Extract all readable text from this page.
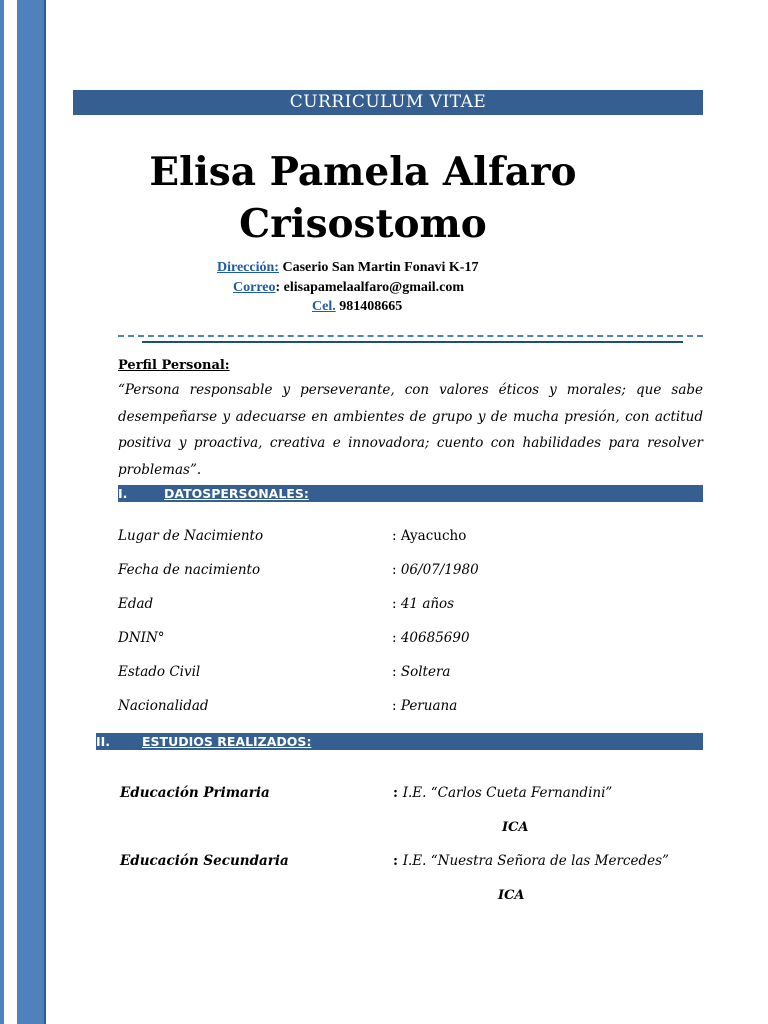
CURRICULUM VITAE
Elisa Pamela Alfaro
Crisostomo
Dirección: Caserio San Martin Fonavi K-17
Correo: elisapamelaalfaro@gmail.com
Cel. 981408665
Perfil Personal:
“Persona responsable y perseverante, con valores éticos y morales; que sabe desempeñarse y adecuarse en ambientes de grupo y de mucha presión, con actitud positiva y proactiva, creativa e innovadora; cuento con habilidades para resolver problemas”.
I.	DATOSPERSONALES:
Lugar de Nacimiento	: Ayacucho
Fecha de nacimiento	: 06/07/1980
Edad	: 41 años
DNIN°	: 40685690
Estado Civil	: Soltera
Nacionalidad	: Peruana
II.	ESTUDIOS REALIZADOS:
Educación Primaria	: I.E. “Carlos Cueta Fernandini”
ICA
Educación Secundaria	: I.E. “Nuestra Señora de las Mercedes”
ICA
